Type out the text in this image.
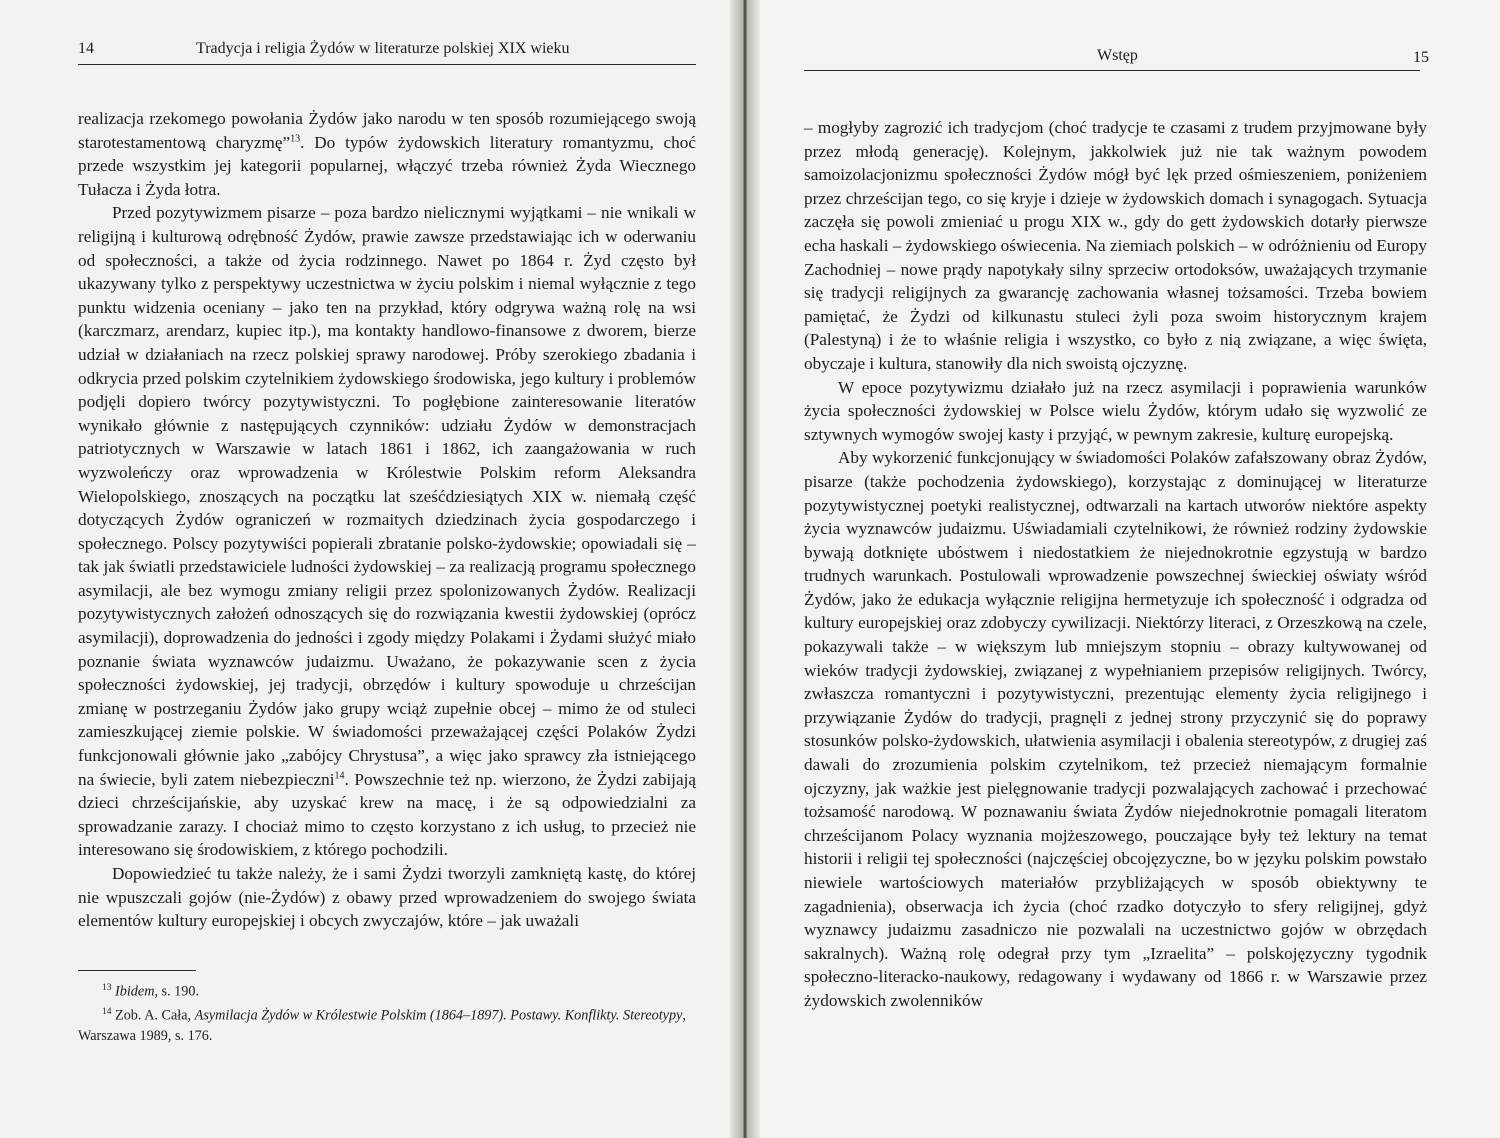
14	Tradycja i religia Żydów w literaturze polskiej XIX wieku

realizacja rzekomego powołania Żydów jako narodu w ten sposób rozumiejącego swoją starotestamentową charyzmę”$^{13}$. Do typów żydowskich literatury romantyzmu, choć przede wszystkim jej kategorii popularnej, włączyć trzeba również Żyda Wiecznego Tułacza i Żyda łotra.

Przed pozytywizmem pisarze – poza bardzo nielicznymi wyjątkami – nie wnikali w religijną i kulturową odrębność Żydów, prawie zawsze przedstawiając ich w oderwaniu od społeczności, a także od życia rodzinnego. Nawet po 1864 r. Żyd często był ukazywany tylko z perspektywy uczestnictwa w życiu polskim i niemal wyłącznie z tego punktu widzenia oceniany – jako ten na przykład, który odgrywa ważną rolę na wsi (karczmarz, arendarz, kupiec itp.), ma kontakty handlowo-finansowe z dworem, bierze udział w działaniach na rzecz polskiej sprawy narodowej. Próby szerokiego zbadania i odkrycia przed polskim czytelnikiem żydowskiego środowiska, jego kultury i problemów podjęli dopiero twórcy pozytywistyczni. To pogłębione zainteresowanie literatów wynikało głównie z następujących czynników: udziału Żydów w demonstracjach patriotycznych w Warszawie w latach 1861 i 1862, ich zaangażowania w ruch wyzwoleńczy oraz wprowadzenia w Królestwie Polskim reform Aleksandra Wielopolskiego, znoszących na początku lat sześćdziesiątych XIX w. niemałą część dotyczących Żydów ograniczeń w rozmaitych dziedzinach życia gospodarczego i społecznego. Polscy pozytywiści popierali zbratanie polsko-żydowskie; opowiadali się – tak jak światli przedstawiciele ludności żydowskiej – za realizacją programu społecznego asymilacji, ale bez wymogu zmiany religii przez spolonizowanych Żydów. Realizacji pozytywistycznych założeń odnoszących się do rozwiązania kwestii żydowskiej (oprócz asymilacji), doprowadzenia do jedności i zgody między Polakami i Żydami służyć miało poznanie świata wyznawców judaizmu. Uważano, że pokazywanie scen z życia społeczności żydowskiej, jej tradycji, obrzędów i kultury spowoduje u chrześcijan zmianę w postrzeganiu Żydów jako grupy wciąż zupełnie obcej – mimo że od stuleci zamieszkującej ziemie polskie. W świadomości przeważającej części Polaków Żydzi funkcjonowali głównie jako „zabójcy Chrystusa”, a więc jako sprawcy zła istniejącego na świecie, byli zatem niebezpieczni$^{14}$. Powszechnie też np. wierzono, że Żydzi zabijają dzieci chrześcijańskie, aby uzyskać krew na macę, i że są odpowiedzialni za sprowadzanie zarazy. I chociaż mimo to często korzystano z ich usług, to przecież nie interesowano się środowiskiem, z którego pochodzili.

Dopowiedzieć tu także należy, że i sami Żydzi tworzyli zamkniętą kastę, do której nie wpuszczali gojów (nie-Żydów) z obawy przed wprowadzeniem do swojego świata elementów kultury europejskiej i obcych zwyczajów, które – jak uważali

$^{13}$ Ibidem, s. 190.

$^{14}$ Zob. A. Cała, Asymilacja Żydów w Królestwie Polskim (1864–1897). Postawy. Konflikty. Stereotypy, Warszawa 1989, s. 176.

Wstęp	15

– mogłyby zagrozić ich tradycjom (choć tradycje te czasami z trudem przyjmowane były przez młodą generację). Kolejnym, jakkolwiek już nie tak ważnym powodem samoizolacjonizmu społeczności Żydów mógł być lęk przed ośmieszeniem, poniżeniem przez chrześcijan tego, co się kryje i dzieje w żydowskich domach i synagogach. Sytuacja zaczęła się powoli zmieniać u progu XIX w., gdy do gett żydowskich dotarły pierwsze echa haskali – żydowskiego oświecenia. Na ziemiach polskich – w odróżnieniu od Europy Zachodniej – nowe prądy napotykały silny sprzeciw ortodoksów, uważających trzymanie się tradycji religijnych za gwarancję zachowania własnej tożsamości. Trzeba bowiem pamiętać, że Żydzi od kilkunastu stuleci żyli poza swoim historycznym krajem (Palestyną) i że to właśnie religia i wszystko, co było z nią związane, a więc święta, obyczaje i kultura, stanowiły dla nich swoistą ojczyznę.

W epoce pozytywizmu działało już na rzecz asymilacji i poprawienia warunków życia społeczności żydowskiej w Polsce wielu Żydów, którym udało się wyzwolić ze sztywnych wymogów swojej kasty i przyjąć, w pewnym zakresie, kulturę europejską.

Aby wykorzenić funkcjonujący w świadomości Polaków zafałszowany obraz Żydów, pisarze (także pochodzenia żydowskiego), korzystając z dominującej w literaturze pozytywistycznej poetyki realistycznej, odtwarzali na kartach utworów niektóre aspekty życia wyznawców judaizmu. Uświadamiali czytelnikowi, że również rodziny żydowskie bywają dotknięte ubóstwem i niedostatkiem że niejednokrotnie egzystują w bardzo trudnych warunkach. Postulowali wprowadzenie powszechnej świeckiej oświaty wśród Żydów, jako że edukacja wyłącznie religijna hermetyzuje ich społeczność i odgradza od kultury europejskiej oraz zdobyczy cywilizacji. Niektórzy literaci, z Orzeszkową na czele, pokazywali także – w większym lub mniejszym stopniu – obrazy kultywowanej od wieków tradycji żydowskiej, związanej z wypełnianiem przepisów religijnych. Twórcy, zwłaszcza romantyczni i pozytywistyczni, prezentując elementy życia religijnego i przywiązanie Żydów do tradycji, pragnęli z jednej strony przyczynić się do poprawy stosunków polsko-żydowskich, ułatwienia asymilacji i obalenia stereotypów, z drugiej zaś dawali do zrozumienia polskim czytelnikom, też przecież niemającym formalnie ojczyzny, jak ważkie jest pielęgnowanie tradycji pozwalających zachować i przechować tożsamość narodową. W poznawaniu świata Żydów niejednokrotnie pomagali literatom chrześcijanom Polacy wyznania mojżeszowego, pouczające były też lektury na temat historii i religii tej społeczności (najczęściej obcojęzyczne, bo w języku polskim powstało niewiele wartościowych materiałów przybliżających w sposób obiektywny te zagadnienia), obserwacja ich życia (choć rzadko dotyczyło to sfery religijnej, gdyż wyznawcy judaizmu zasadniczo nie pozwalali na uczestnictwo gojów w obrzędach sakralnych). Ważną rolę odegrał przy tym „Izraelita” – polskojęzyczny tygodnik społeczno-literacko-naukowy, redagowany i wydawany od 1866 r. w Warszawie przez żydowskich zwolenników
